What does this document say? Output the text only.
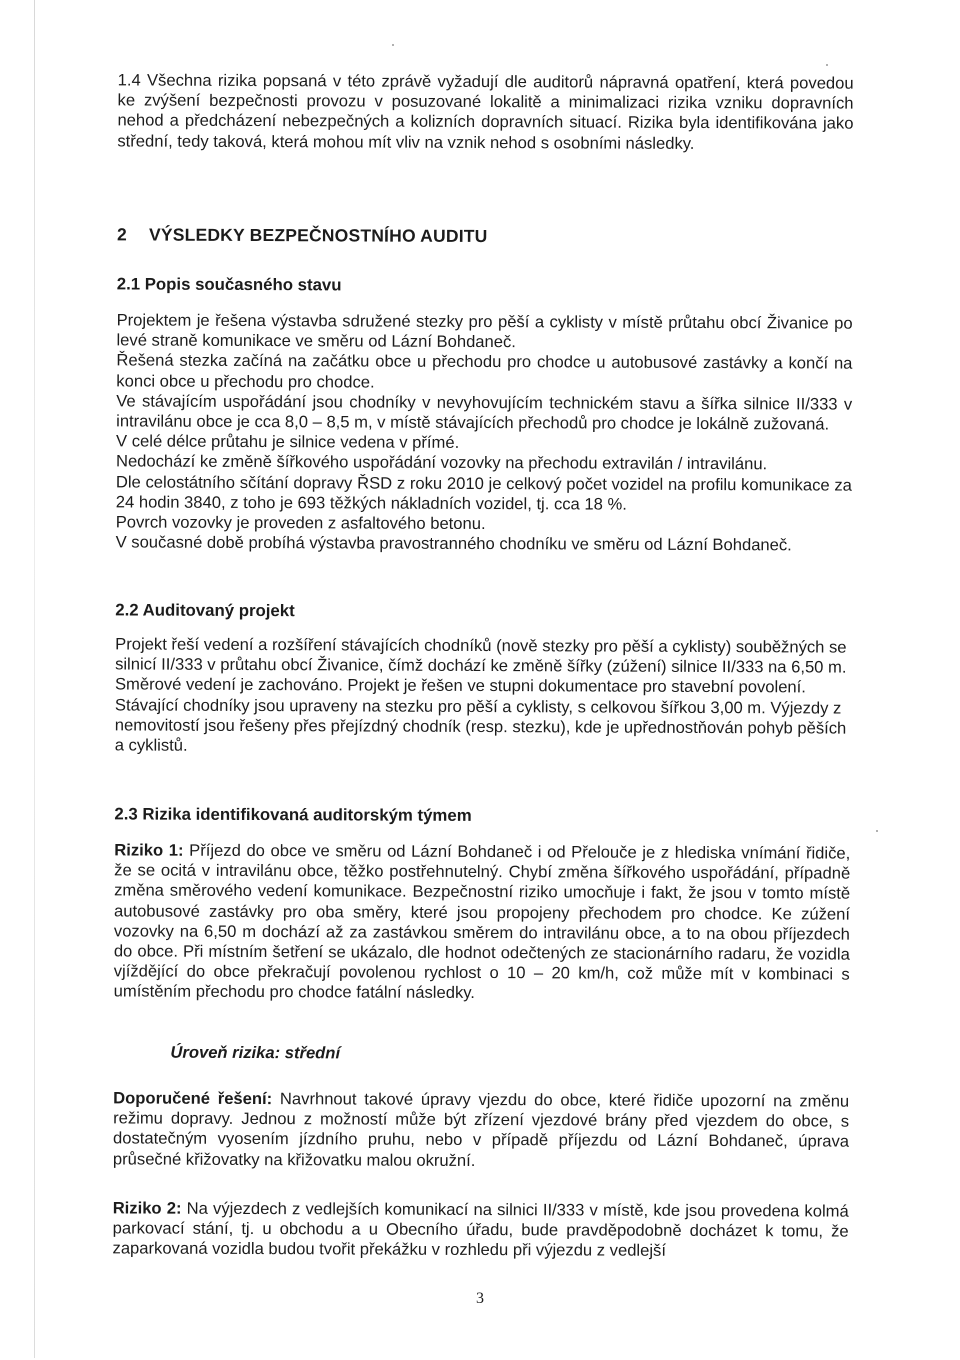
1.4 Všechna rizika popsaná v této zprávě vyžadují dle auditorů nápravná opatření, která povedou ke zvýšení bezpečnosti provozu v posuzované lokalitě a minimalizaci rizika vzniku dopravních nehod a předcházení nebezpečných a kolizních dopravních situací. Rizika byla identifikována jako střední, tedy taková, která mohou mít vliv na vznik nehod s osobními následky.

2 VÝSLEDKY BEZPEČNOSTNÍHO AUDITU
2.1 Popis současného stavu
Projektem je řešena výstavba sdružené stezky pro pěší a cyklisty v místě průtahu obcí Živanice po levé straně komunikace ve směru od Lázní Bohdaneč.
Řešená stezka začíná na začátku obce u přechodu pro chodce u autobusové zastávky a končí na konci obce u přechodu pro chodce.
Ve stávajícím uspořádání jsou chodníky v nevyhovujícím technickém stavu a šířka silnice II/333 v intravilánu obce je cca 8,0 – 8,5 m, v místě stávajících přechodů pro chodce je lokálně zužovaná.
V celé délce průtahu je silnice vedena v přímé.
Nedochází ke změně šířkového uspořádání vozovky na přechodu extravilán / intravilánu.
Dle celostátního sčítání dopravy ŘSD z roku 2010 je celkový počet vozidel na profilu komunikace za 24 hodin 3840, z toho je 693 těžkých nákladních vozidel, tj. cca 18 %.
Povrch vozovky je proveden z asfaltového betonu.
V současné době probíhá výstavba pravostranného chodníku ve směru od Lázní Bohdaneč.
2.2 Auditovaný projekt
Projekt řeší vedení a rozšíření stávajících chodníků (nově stezky pro pěší a cyklisty) souběžných se silnicí II/333 v průtahu obcí Živanice, čímž dochází ke změně šířky (zúžení) silnice II/333 na 6,50 m. Směrové vedení je zachováno. Projekt je řešen ve stupni dokumentace pro stavební povolení.
Stávající chodníky jsou upraveny na stezku pro pěší a cyklisty, s celkovou šířkou 3,00 m. Výjezdy z nemovitostí jsou řešeny přes přejízdný chodník (resp. stezku), kde je upřednostňován pohyb pěších a cyklistů.
2.3 Rizika identifikovaná auditorským týmem

Riziko 1: Příjezd do obce ve směru od Lázní Bohdaneč i od Přelouče je z hlediska vnímání řidiče, že se ocitá v intravilánu obce, těžko postřehnutelný. Chybí změna šířkového uspořádání, případně změna směrového vedení komunikace. Bezpečnostní riziko umocňuje i fakt, že jsou v tomto místě autobusové zastávky pro oba směry, které jsou propojeny přechodem pro chodce. Ke zúžení vozovky na 6,50 m dochází až za zastávkou směrem do intravilánu obce, a to na obou příjezdech do obce. Při místním šetření se ukázalo, dle hodnot odečtených ze stacionárního radaru, že vozidla vjíždějící do obce překračují povolenou rychlost o 10 – 20 km/h, což může mít v kombinaci s umístěním přechodu pro chodce fatální následky.

Úroveň rizika: střední

Doporučené řešení: Navrhnout takové úpravy vjezdu do obce, které řidiče upozorní na změnu režimu dopravy. Jednou z možností může být zřízení vjezdové brány před vjezdem do obce, s dostatečným vyosením jízdního pruhu, nebo v případě příjezdu od Lázní Bohdaneč, úprava průsečné křižovatky na křižovatku malou okružní.

Riziko 2: Na výjezdech z vedlejších komunikací na silnici II/333 v místě, kde jsou provedena kolmá parkovací stání, tj. u obchodu a u Obecního úřadu, bude pravděpodobně docházet k tomu, že zaparkovaná vozidla budou tvořit překážku v rozhledu při výjezdu z vedlejší

3
